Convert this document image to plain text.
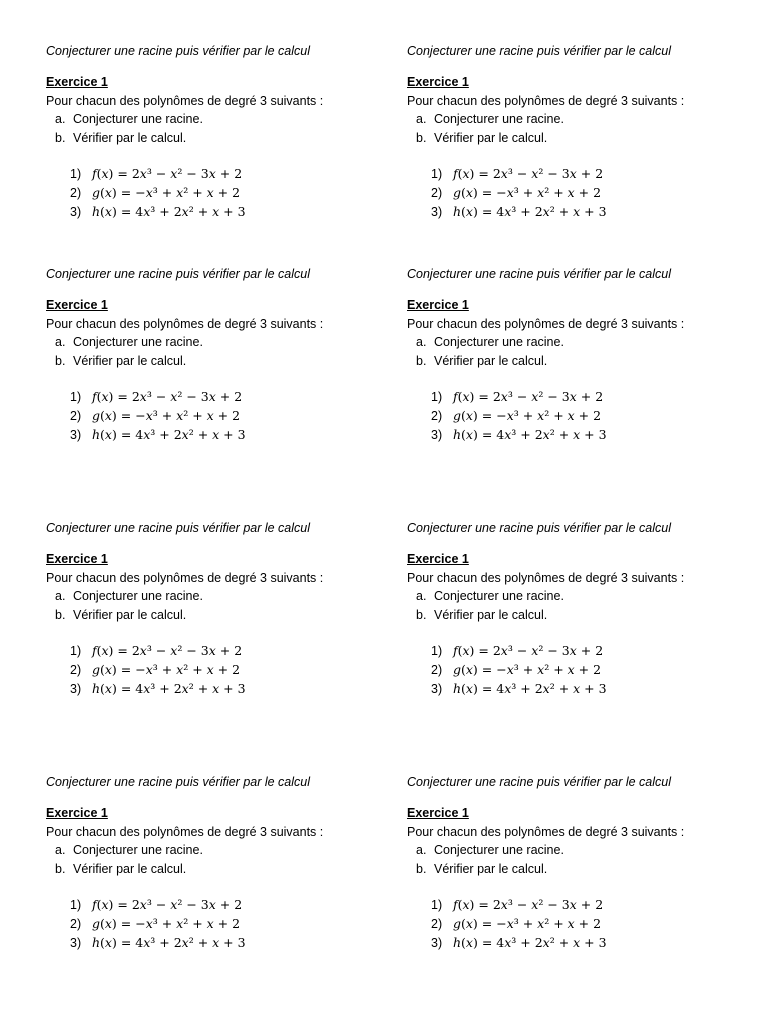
Conjecturer une racine puis vérifier par le calcul

Exercice 1
Pour chacun des polynômes de degré 3 suivants :
a. Conjecturer une racine.
b. Vérifier par le calcul.
1) 𝑓(𝑥) = 2𝑥³ − 𝑥² − 3𝑥 + 2
2) 𝑔(𝑥) = −𝑥³ + 𝑥² + 𝑥 + 2
3) ℎ(𝑥) = 4𝑥³ + 2𝑥² + 𝑥 + 3

Conjecturer une racine puis vérifier par le calcul

Exercice 1
Pour chacun des polynômes de degré 3 suivants :
a. Conjecturer une racine.
b. Vérifier par le calcul.
1) 𝑓(𝑥) = 2𝑥³ − 𝑥² − 3𝑥 + 2
2) 𝑔(𝑥) = −𝑥³ + 𝑥² + 𝑥 + 2
3) ℎ(𝑥) = 4𝑥³ + 2𝑥² + 𝑥 + 3

Conjecturer une racine puis vérifier par le calcul

Exercice 1
Pour chacun des polynômes de degré 3 suivants :
a. Conjecturer une racine.
b. Vérifier par le calcul.
1) 𝑓(𝑥) = 2𝑥³ − 𝑥² − 3𝑥 + 2
2) 𝑔(𝑥) = −𝑥³ + 𝑥² + 𝑥 + 2
3) ℎ(𝑥) = 4𝑥³ + 2𝑥² + 𝑥 + 3

Conjecturer une racine puis vérifier par le calcul

Exercice 1
Pour chacun des polynômes de degré 3 suivants :
a. Conjecturer une racine.
b. Vérifier par le calcul.
1) 𝑓(𝑥) = 2𝑥³ − 𝑥² − 3𝑥 + 2
2) 𝑔(𝑥) = −𝑥³ + 𝑥² + 𝑥 + 2
3) ℎ(𝑥) = 4𝑥³ + 2𝑥² + 𝑥 + 3

Conjecturer une racine puis vérifier par le calcul

Exercice 1
Pour chacun des polynômes de degré 3 suivants :
a. Conjecturer une racine.
b. Vérifier par le calcul.
1) 𝑓(𝑥) = 2𝑥³ − 𝑥² − 3𝑥 + 2
2) 𝑔(𝑥) = −𝑥³ + 𝑥² + 𝑥 + 2
3) ℎ(𝑥) = 4𝑥³ + 2𝑥² + 𝑥 + 3

Conjecturer une racine puis vérifier par le calcul

Exercice 1
Pour chacun des polynômes de degré 3 suivants :
a. Conjecturer une racine.
b. Vérifier par le calcul.
1) 𝑓(𝑥) = 2𝑥³ − 𝑥² − 3𝑥 + 2
2) 𝑔(𝑥) = −𝑥³ + 𝑥² + 𝑥 + 2
3) ℎ(𝑥) = 4𝑥³ + 2𝑥² + 𝑥 + 3

Conjecturer une racine puis vérifier par le calcul

Exercice 1
Pour chacun des polynômes de degré 3 suivants :
a. Conjecturer une racine.
b. Vérifier par le calcul.
1) 𝑓(𝑥) = 2𝑥³ − 𝑥² − 3𝑥 + 2
2) 𝑔(𝑥) = −𝑥³ + 𝑥² + 𝑥 + 2
3) ℎ(𝑥) = 4𝑥³ + 2𝑥² + 𝑥 + 3

Conjecturer une racine puis vérifier par le calcul

Exercice 1
Pour chacun des polynômes de degré 3 suivants :
a. Conjecturer une racine.
b. Vérifier par le calcul.
1) 𝑓(𝑥) = 2𝑥³ − 𝑥² − 3𝑥 + 2
2) 𝑔(𝑥) = −𝑥³ + 𝑥² + 𝑥 + 2
3) ℎ(𝑥) = 4𝑥³ + 2𝑥² + 𝑥 + 3
